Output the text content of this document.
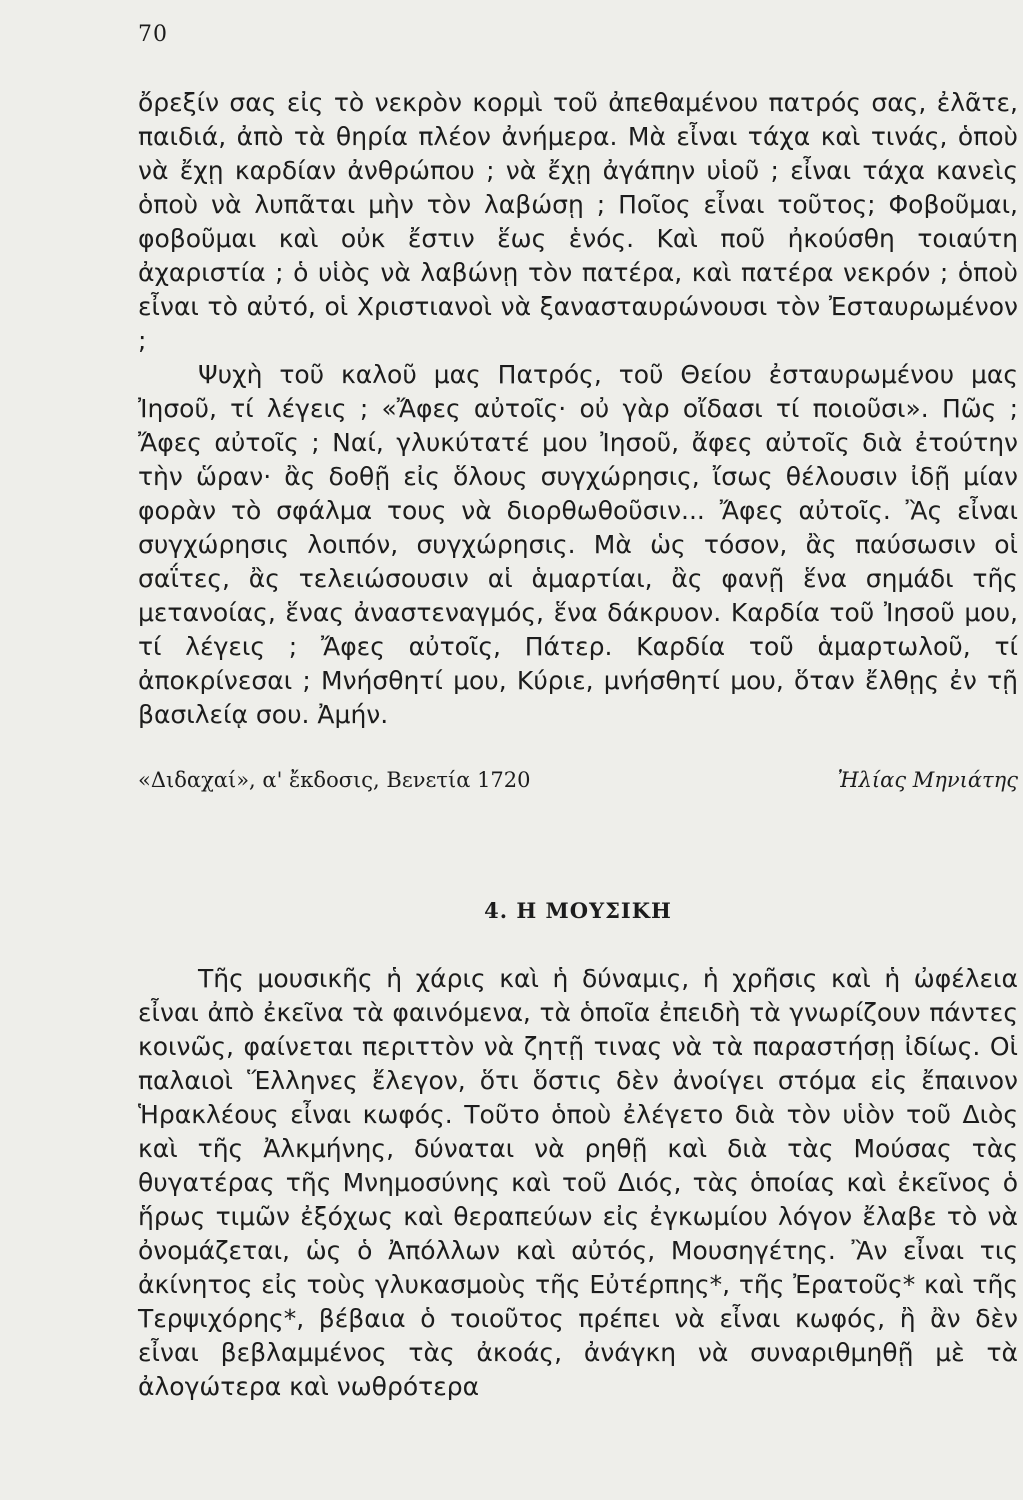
70

ὄρεξίν σας εἰς τὸ νεκρὸν κορμὶ τοῦ ἀπεθαμένου πατρός σας, ἐλᾶτε, παιδιά, ἀπὸ τὰ θηρία πλέον ἀνήμερα. Μὰ εἶναι τάχα καὶ τινάς, ὁποὺ νὰ ἔχῃ καρδίαν ἀνθρώπου ; νὰ ἔχῃ ἀγάπην υἱοῦ ; εἶναι τάχα κανεὶς ὁποὺ νὰ λυπᾶται μὴν τὸν λαβώσῃ ; Ποῖος εἶναι τοῦτος; Φοβοῦμαι, φοβοῦμαι καὶ οὐκ ἔστιν ἕως ἑνός. Καὶ ποῦ ἠκούσθη τοιαύτη ἀχαριστία ; ὁ υἱὸς νὰ λαβώνῃ τὸν πατέρα, καὶ πατέρα νεκρόν ; ὁποὺ εἶναι τὸ αὐτό, οἱ Χριστιανοὶ νὰ ξανασταυρώνουσι τὸν Ἐσταυρωμένον ;

Ψυχὴ τοῦ καλοῦ μας Πατρός, τοῦ Θείου ἐσταυρωμένου μας Ἰησοῦ, τί λέγεις ; «Ἄφες αὐτοῖς· οὐ γὰρ οἴδασι τί ποιοῦσι». Πῶς ; Ἄφες αὐτοῖς ; Ναί, γλυκύτατέ μου Ἰησοῦ, ἄφες αὐτοῖς διὰ ἐτούτην τὴν ὥραν· ἂς δοθῇ εἰς ὅλους συγχώρησις, ἴσως θέλουσιν ἰδῇ μίαν φορὰν τὸ σφάλμα τους νὰ διορθωθοῦσιν... Ἄφες αὐτοῖς. Ἂς εἶναι συγχώρησις λοιπόν, συγχώρησις. Μὰ ὡς τόσον, ἂς παύσωσιν οἱ σαΐτες, ἂς τελειώσουσιν αἱ ἁμαρτίαι, ἂς φανῇ ἕνα σημάδι τῆς μετανοίας, ἕνας ἀναστεναγμός, ἕνα δάκρυον. Καρδία τοῦ Ἰησοῦ μου, τί λέγεις ; Ἄφες αὐτοῖς, Πάτερ. Καρδία τοῦ ἁμαρτωλοῦ, τί ἀποκρίνεσαι ; Μνήσθητί μου, Κύριε, μνήσθητί μου, ὅταν ἔλθῃς ἐν τῇ βασιλείᾳ σου. Ἀμήν.

«Διδαχαί», α' ἔκδοσις, Βενετία 1720	Ἠλίας Μηνιάτης
4. Η ΜΟΥΣΙΚΗ

Τῆς μουσικῆς ἡ χάρις καὶ ἡ δύναμις, ἡ χρῆσις καὶ ἡ ὠφέλεια εἶναι ἀπὸ ἐκεῖνα τὰ φαινόμενα, τὰ ὁποῖα ἐπειδὴ τὰ γνωρίζουν πάντες κοινῶς, φαίνεται περιττὸν νὰ ζητῇ τινας νὰ τὰ παραστήσῃ ἰδίως. Οἱ παλαιοὶ Ἕλληνες ἔλεγον, ὅτι ὅστις δὲν ἀνοίγει στόμα εἰς ἔπαινον Ἡρακλέους εἶναι κωφός. Τοῦτο ὁποὺ ἐλέγετο διὰ τὸν υἱὸν τοῦ Διὸς καὶ τῆς Ἀλκμήνης, δύναται νὰ ρηθῇ καὶ διὰ τὰς Μούσας τὰς θυγατέρας τῆς Μνημοσύνης καὶ τοῦ Διός, τὰς ὁποίας καὶ ἐκεῖνος ὁ ἥρως τιμῶν ἐξόχως καὶ θεραπεύων εἰς ἐγκωμίου λόγον ἔλαβε τὸ νὰ ὀνομάζεται, ὡς ὁ Ἀπόλλων καὶ αὐτός, Μουσηγέτης. Ἂν εἶναι τις ἀκίνητος εἰς τοὺς γλυκασμοὺς τῆς Εὐτέρπης*, τῆς Ἐρατοῦς* καὶ τῆς Τερψιχόρης*, βέβαια ὁ τοιοῦτος πρέπει νὰ εἶναι κωφός, ἢ ἂν δὲν εἶναι βεβλαμμένος τὰς ἀκοάς, ἀνάγκη νὰ συναριθμηθῇ μὲ τὰ ἀλογώτερα καὶ νωθρότερα
